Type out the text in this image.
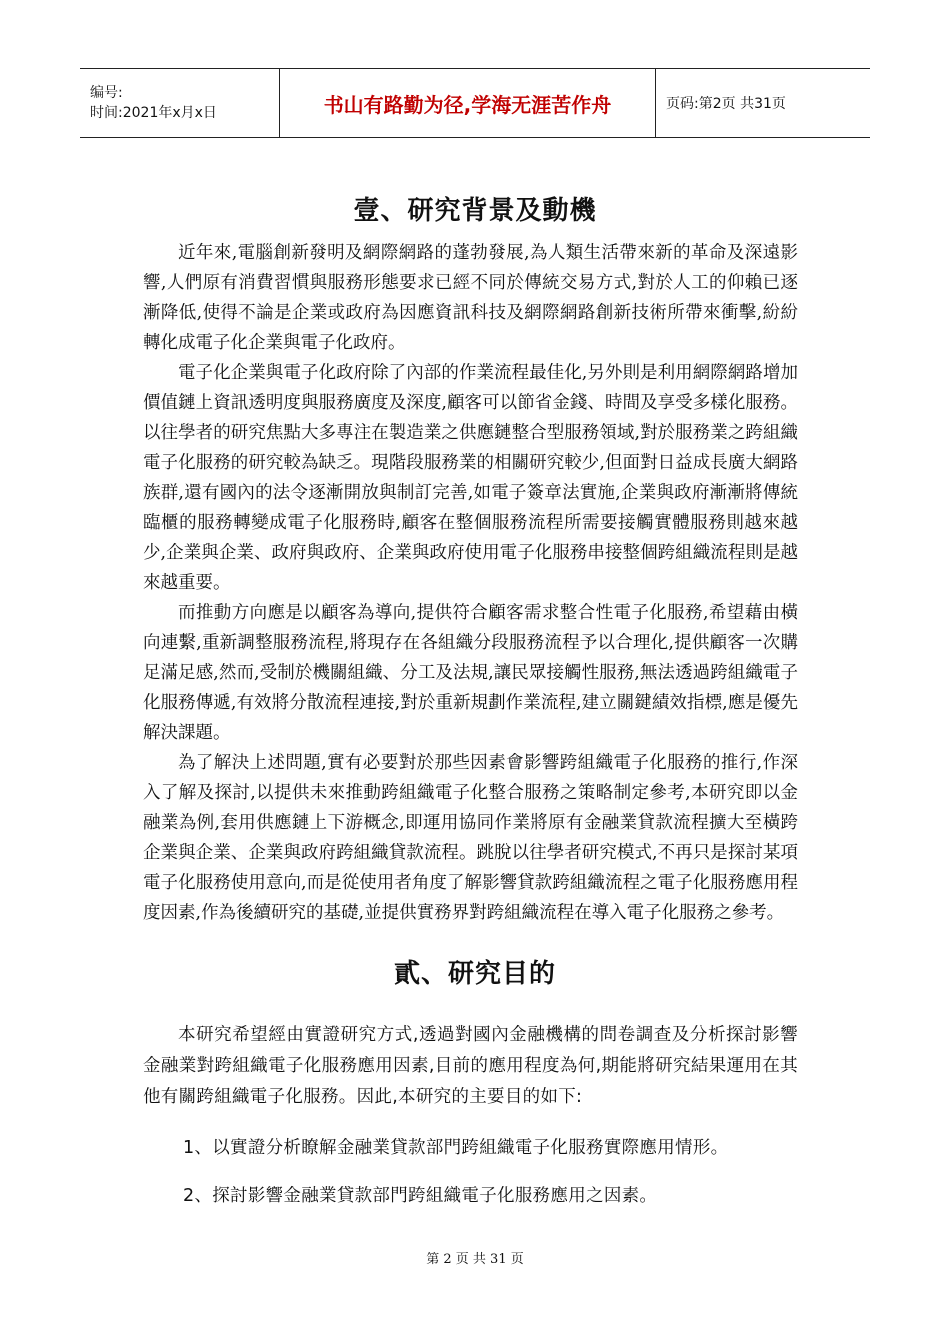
编号:
时间:2021年x月x日	书山有路勤为径,学海无涯苦作舟	页码:第2页 共31页
壹、研究背景及動機

近年來,電腦創新發明及網際網路的蓬勃發展,為人類生活帶來新的革命及深遠影響,人們原有消費習慣與服務形態要求已經不同於傳統交易方式,對於人工的仰賴已逐漸降低,使得不論是企業或政府為因應資訊科技及網際網路創新技術所帶來衝擊,紛紛轉化成電子化企業與電子化政府。

電子化企業與電子化政府除了內部的作業流程最佳化,另外則是利用網際網路增加價值鏈上資訊透明度與服務廣度及深度,顧客可以節省金錢、時間及享受多樣化服務。以往學者的研究焦點大多專注在製造業之供應鏈整合型服務領域,對於服務業之跨組織電子化服務的研究較為缺乏。現階段服務業的相關研究較少,但面對日益成長廣大網路族群,還有國內的法令逐漸開放與制訂完善,如電子簽章法實施,企業與政府漸漸將傳統臨櫃的服務轉變成電子化服務時,顧客在整個服務流程所需要接觸實體服務則越來越少,企業與企業、政府與政府、企業與政府使用電子化服務串接整個跨組織流程則是越來越重要。

而推動方向應是以顧客為導向,提供符合顧客需求整合性電子化服務,希望藉由橫向連繫,重新調整服務流程,將現存在各組織分段服務流程予以合理化,提供顧客一次購足滿足感,然而,受制於機關組織、分工及法規,讓民眾接觸性服務,無法透過跨組織電子化服務傳遞,有效將分散流程連接,對於重新規劃作業流程,建立關鍵績效指標,應是優先解決課題。

為了解決上述問題,實有必要對於那些因素會影響跨組織電子化服務的推行,作深入了解及探討,以提供未來推動跨組織電子化整合服務之策略制定參考,本研究即以金融業為例,套用供應鏈上下游概念,即運用協同作業將原有金融業貸款流程擴大至橫跨企業與企業、企業與政府跨組織貸款流程。跳脫以往學者研究模式,不再只是探討某項電子化服務使用意向,而是從使用者角度了解影響貸款跨組織流程之電子化服務應用程度因素,作為後續研究的基礎,並提供實務界對跨組織流程在導入電子化服務之參考。

貳、研究目的

本研究希望經由實證研究方式,透過對國內金融機構的問卷調查及分析探討影響金融業對跨組織電子化服務應用因素,目前的應用程度為何,期能將研究結果運用在其他有關跨組織電子化服務。因此,本研究的主要目的如下:

1、以實證分析瞭解金融業貸款部門跨組織電子化服務實際應用情形。
2、探討影響金融業貸款部門跨組織電子化服務應用之因素。
第 2 页 共 31 页
